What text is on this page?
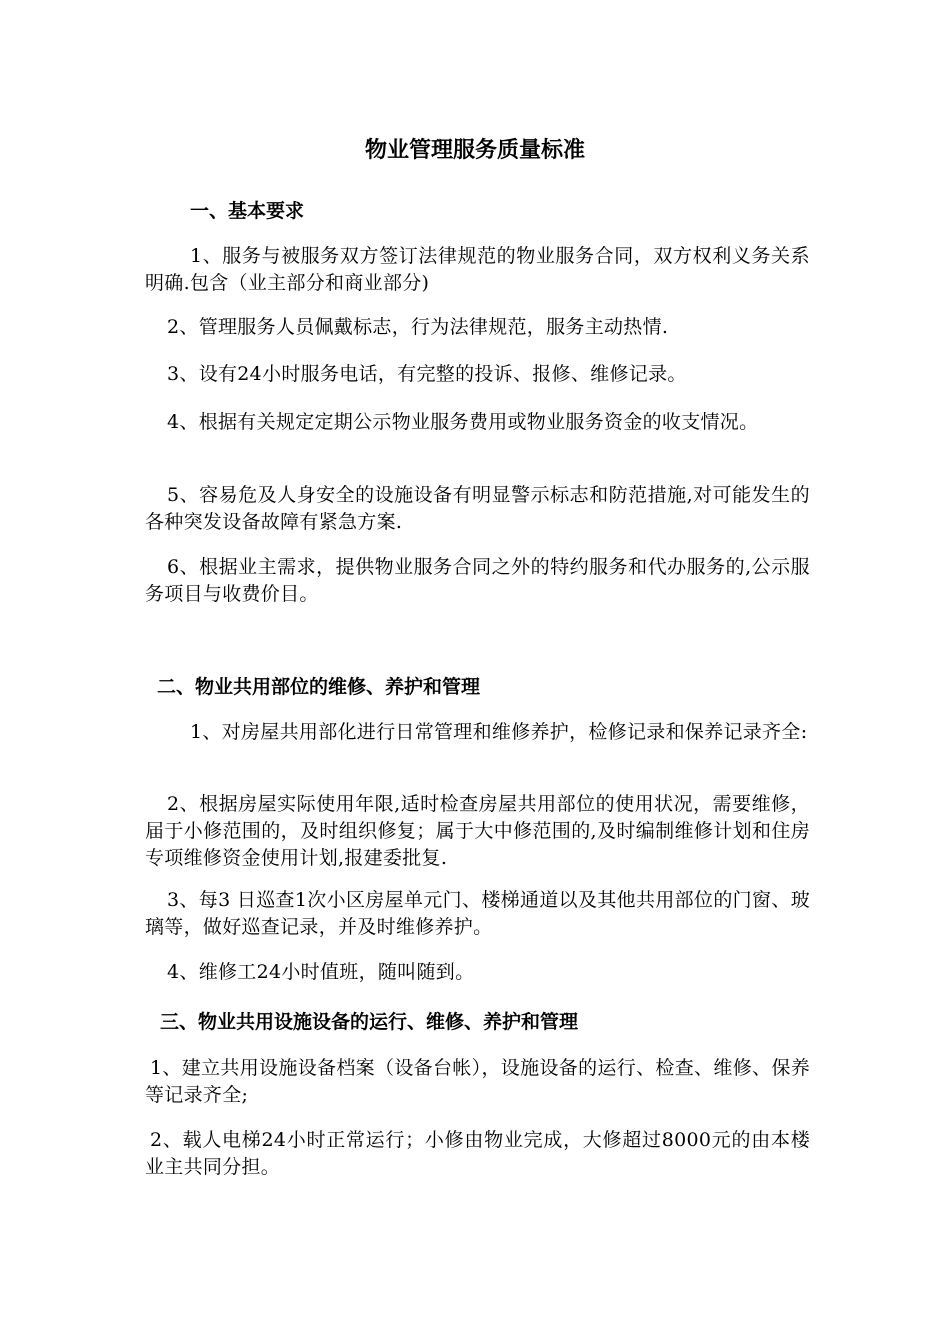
物业管理服务质量标准
一、基本要求

1、服务与被服务双方签订法律规范的物业服务合同，双方权利义务关系明确.包含（业主部分和商业部分)

2、管理服务人员佩戴标志，行为法律规范，服务主动热情.

3、设有24小时服务电话，有完整的投诉、报修、维修记录。

4、根据有关规定定期公示物业服务费用或物业服务资金的收支情况。

5、容易危及人身安全的设施设备有明显警示标志和防范措施,对可能发生的各种突发设备故障有紧急方案.

6、根据业主需求，提供物业服务合同之外的特约服务和代办服务的,公示服务项目与收费价目。

二、物业共用部位的维修、养护和管理

1、对房屋共用部化进行日常管理和维修养护，检修记录和保养记录齐全:

2、根据房屋实际使用年限,适时检查房屋共用部位的使用状况，需要维修，届于小修范围的，及时组织修复；属于大中修范围的,及时编制维修计划和住房专项维修资金使用计划,报建委批复.

3、每3 日巡查1次小区房屋单元门、楼梯通道以及其他共用部位的门窗、玻璃等，做好巡查记录，并及时维修养护。

4、维修工24小时值班，随叫随到。

三、物业共用设施设备的运行、维修、养护和管理

1、建立共用设施设备档案（设备台帐），设施设备的运行、检查、维修、保养等记录齐全;

2、载人电梯24小时正常运行；小修由物业完成，大修超过8000元的由本楼业主共同分担。
